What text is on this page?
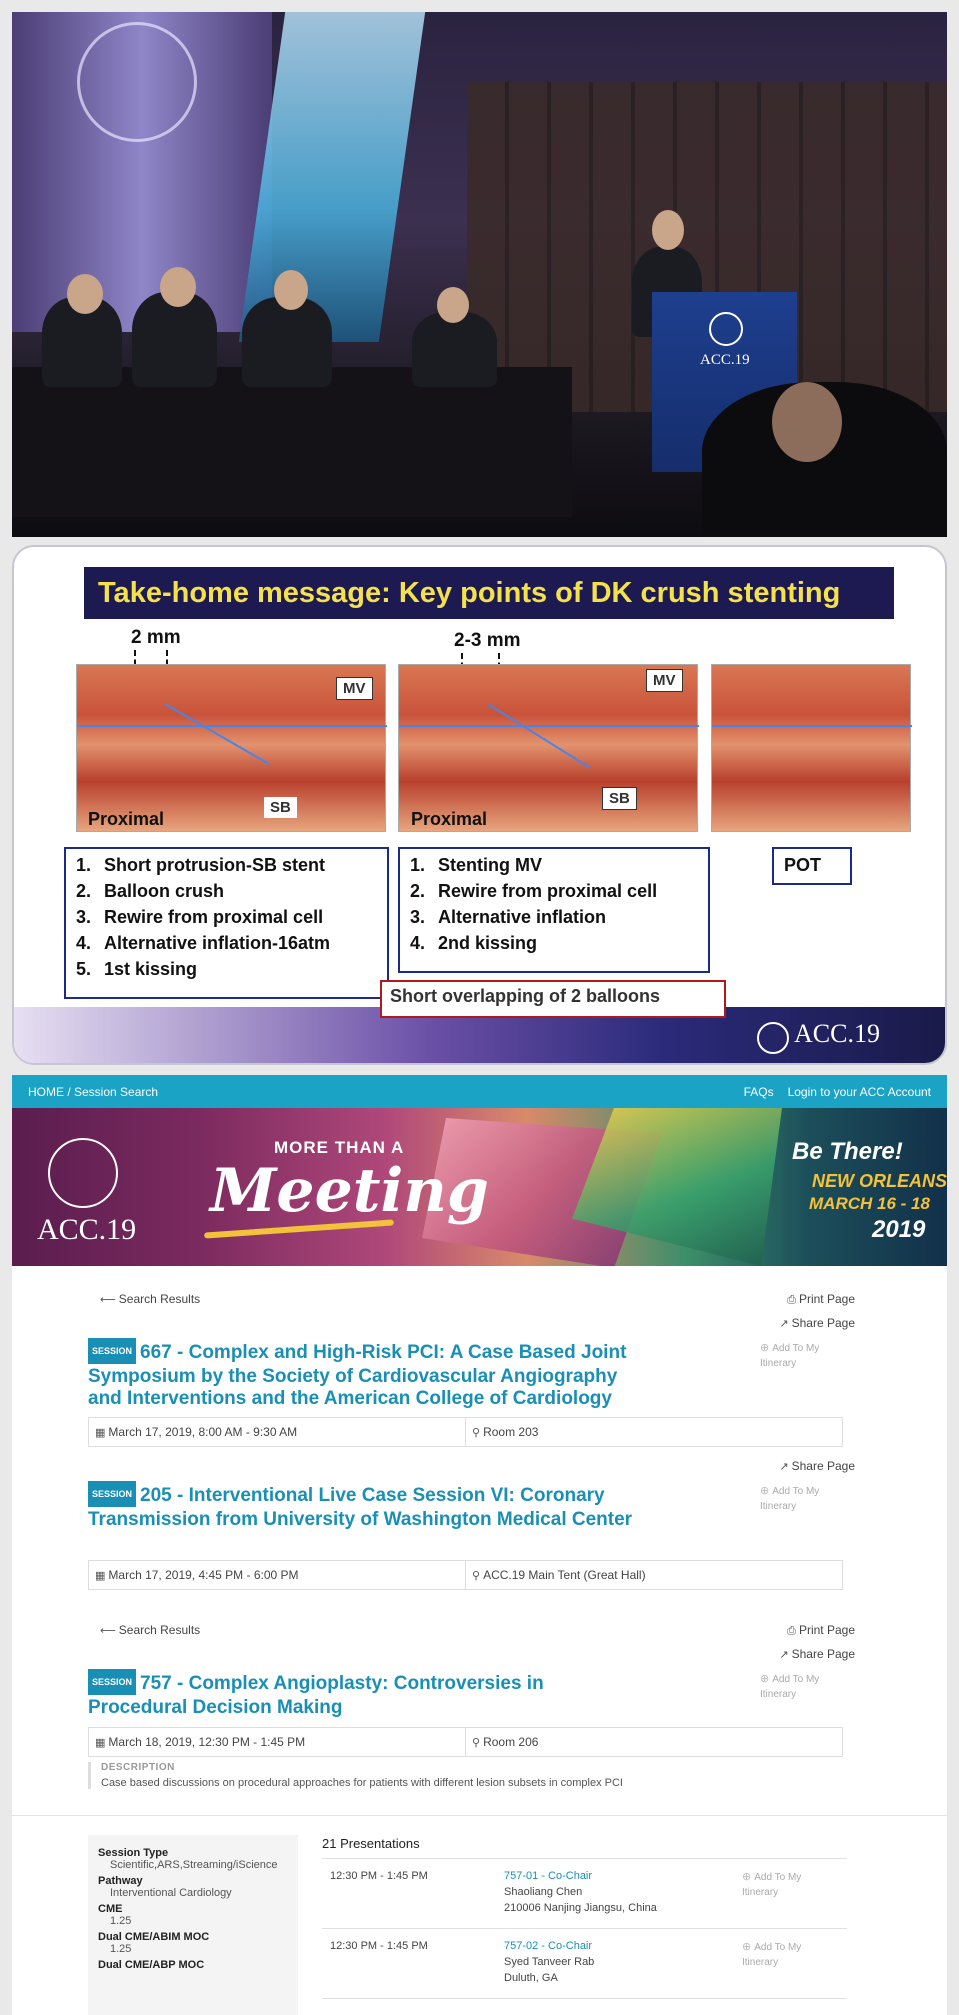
ACC.19
Take-home message: Key points of DK crush stenting
2 mm	2-3 mm
MV
SB
Proximal
MV
SB
Proximal
1. Short protrusion-SB stent
2. Balloon crush
3. Rewire from proximal cell
4. Alternative inflation-16atm
5. 1st kissing
1. Stenting MV
2. Rewire from proximal cell
3. Alternative inflation
4. 2nd kissing
POT
Short overlapping of 2 balloons
ACC.19
HOME / Session Search	FAQs Login to your ACC Account
ACC.19
MORE THAN A
Meeting
Be There!
NEW ORLEANS
MARCH 16 - 18
2019
⟵ Search Results	⎙ Print Page
↗ Share Page
SESSION 667 - Complex and High-Risk PCI: A Case Based Joint Symposium by the Society of Cardiovascular Angiography and Interventions and the American College of Cardiology
⊕ Add To My
Itinerary
▦ March 17, 2019, 8:00 AM - 9:30 AM	⚲ Room 203
↗ Share Page
SESSION 205 - Interventional Live Case Session VI: Coronary Transmission from University of Washington Medical Center
⊕ Add To My
Itinerary
▦ March 17, 2019, 4:45 PM - 6:00 PM	⚲ ACC.19 Main Tent (Great Hall)
⟵ Search Results	⎙ Print Page
↗ Share Page
SESSION 757 - Complex Angioplasty: Controversies in Procedural Decision Making
⊕ Add To My
Itinerary
▦ March 18, 2019, 12:30 PM - 1:45 PM	⚲ Room 206
DESCRIPTION
Case based discussions on procedural approaches for patients with different lesion subsets in complex PCI
Session Type
Scientific,ARS,Streaming/iScience
Pathway
Interventional Cardiology
CME
1.25
Dual CME/ABIM MOC
1.25
Dual CME/ABP MOC
21 Presentations
12:30 PM - 1:45 PM	757-01 - Co-Chair
Shaoliang Chen
210006 Nanjing Jiangsu, China
⊕ Add To My
Itinerary
12:30 PM - 1:45 PM	757-02 - Co-Chair
Syed Tanveer Rab
Duluth, GA
⊕ Add To My
Itinerary
